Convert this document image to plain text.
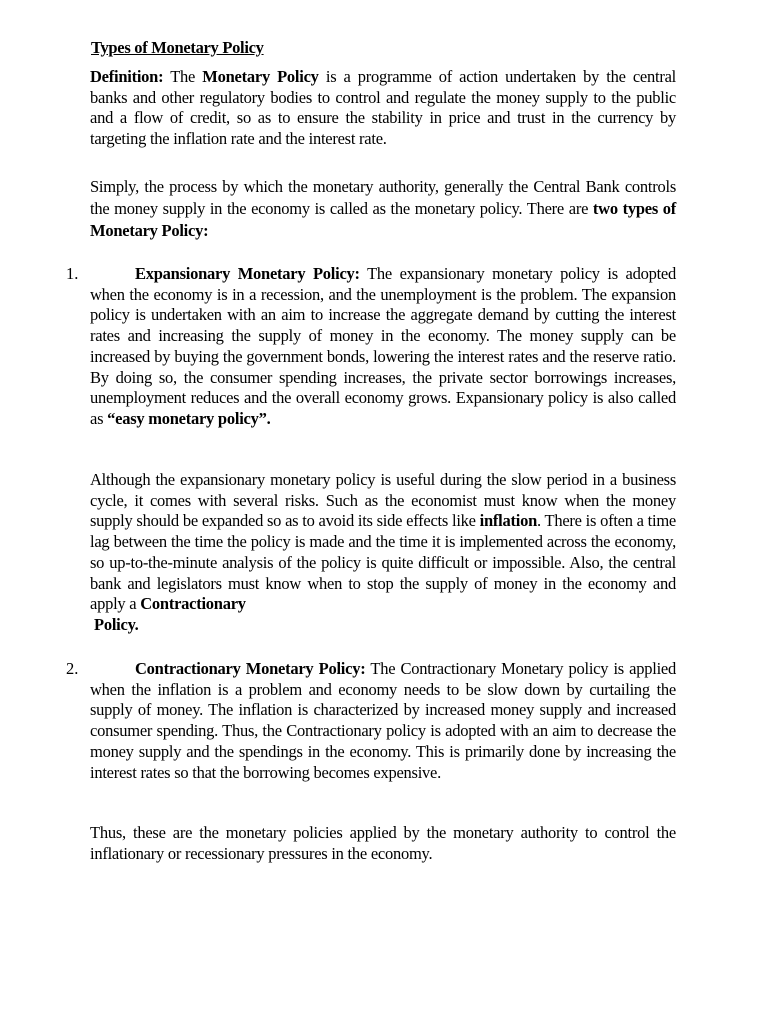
Types of Monetary Policy

Definition: The Monetary Policy is a programme of action undertaken by the central banks and other regulatory bodies to control and regulate the money supply to the public and a flow of credit, so as to ensure the stability in price and trust in the currency by targeting the inflation rate and the interest rate.

Simply, the process by which the monetary authority, generally the Central Bank controls the money supply in the economy is called as the monetary policy. There are two types of Monetary Policy:

1.	Expansionary Monetary Policy: The expansionary monetary policy is adopted when the economy is in a recession, and the unemployment is the problem. The expansion policy is undertaken with an aim to increase the aggregate demand by cutting the interest rates and increasing the supply of money in the economy. The money supply can be increased by buying the government bonds, lowering the interest rates and the reserve ratio. By doing so, the consumer spending increases, the private sector borrowings increases, unemployment reduces and the overall economy grows. Expansionary policy is also called as “easy monetary policy”.

Although the expansionary monetary policy is useful during the slow period in a business cycle, it comes with several risks. Such as the economist must know when the money supply should be expanded so as to avoid its side effects like inflation. There is often a time lag between the time the policy is made and the time it is implemented across the economy, so up-to-the-minute analysis of the policy is quite difficult or impossible. Also, the central bank and legislators must know when to stop the supply of money in the economy and apply a Contractionary
Policy.

2.	Contractionary Monetary Policy: The Contractionary Monetary policy is applied when the inflation is a problem and economy needs to be slow down by curtailing the supply of money. The inflation is characterized by increased money supply and increased consumer spending. Thus, the Contractionary policy is adopted with an aim to decrease the money supply and the spendings in the economy. This is primarily done by increasing the interest rates so that the borrowing becomes expensive.

Thus, these are the monetary policies applied by the monetary authority to control the inflationary or recessionary pressures in the economy.
